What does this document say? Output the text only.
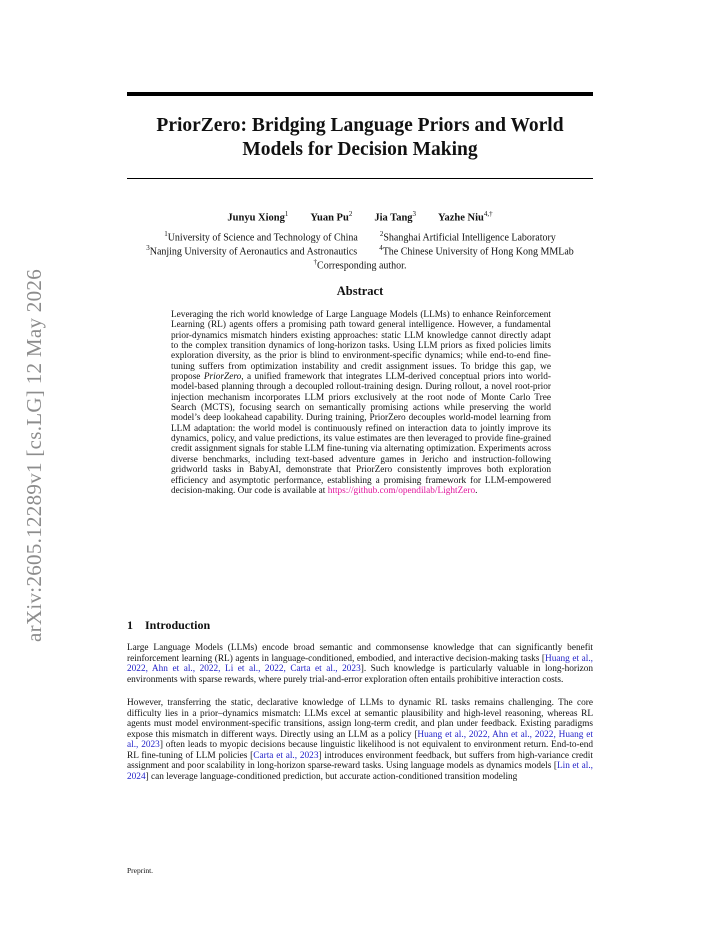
arXiv:2605.12289v1 [cs.LG] 12 May 2026
PriorZero: Bridging Language Priors and World
Models for Decision Making
Junyu Xiong$^1$ Yuan Pu$^2$ Jia Tang$^3$ Yazhe Niu$^{4,\dagger}$
$^1$University of Science and Technology of China	$^2$Shanghai Artificial Intelligence Laboratory
$^3$Nanjing University of Aeronautics and Astronautics	$^4$The Chinese University of Hong Kong MMLab
†Corresponding author.
Abstract

Leveraging the rich world knowledge of Large Language Models (LLMs) to enhance Reinforcement Learning (RL) agents offers a promising path toward general intelligence. However, a fundamental prior-dynamics mismatch hinders existing approaches: static LLM knowledge cannot directly adapt to the complex transition dynamics of long-horizon tasks. Using LLM priors as fixed policies limits exploration diversity, as the prior is blind to environment-specific dynamics; while end-to-end fine-tuning suffers from optimization instability and credit assignment issues. To bridge this gap, we propose PriorZero, a unified framework that integrates LLM-derived conceptual priors into world-model-based planning through a decoupled rollout-training design. During rollout, a novel root-prior injection mechanism incorporates LLM priors exclusively at the root node of Monte Carlo Tree Search (MCTS), focusing search on semantically promising actions while preserving the world model’s deep lookahead capability. During training, PriorZero decouples world-model learning from LLM adaptation: the world model is continuously refined on interaction data to jointly improve its dynamics, policy, and value predictions, its value estimates are then leveraged to provide fine-grained credit assignment signals for stable LLM fine-tuning via alternating optimization. Experiments across diverse benchmarks, including text-based adventure games in Jericho and instruction-following gridworld tasks in BabyAI, demonstrate that PriorZero consistently improves both exploration efficiency and asymptotic performance, establishing a promising framework for LLM-empowered decision-making. Our code is available at https://github.com/opendilab/LightZero.

1 Introduction

Large Language Models (LLMs) encode broad semantic and commonsense knowledge that can significantly benefit reinforcement learning (RL) agents in language-conditioned, embodied, and interactive decision-making tasks [Huang et al., 2022, Ahn et al., 2022, Li et al., 2022, Carta et al., 2023]. Such knowledge is particularly valuable in long-horizon environments with sparse rewards, where purely trial-and-error exploration often entails prohibitive interaction costs.

However, transferring the static, declarative knowledge of LLMs to dynamic RL tasks remains challenging. The core difficulty lies in a prior–dynamics mismatch: LLMs excel at semantic plausibility and high-level reasoning, whereas RL agents must model environment-specific transitions, assign long-term credit, and plan under feedback. Existing paradigms expose this mismatch in different ways. Directly using an LLM as a policy [Huang et al., 2022, Ahn et al., 2022, Huang et al., 2023] often leads to myopic decisions because linguistic likelihood is not equivalent to environment return. End-to-end RL fine-tuning of LLM policies [Carta et al., 2023] introduces environment feedback, but suffers from high-variance credit assignment and poor scalability in long-horizon sparse-reward tasks. Using language models as dynamics models [Lin et al., 2024] can leverage language-conditioned prediction, but accurate action-conditioned transition modeling

Preprint.
